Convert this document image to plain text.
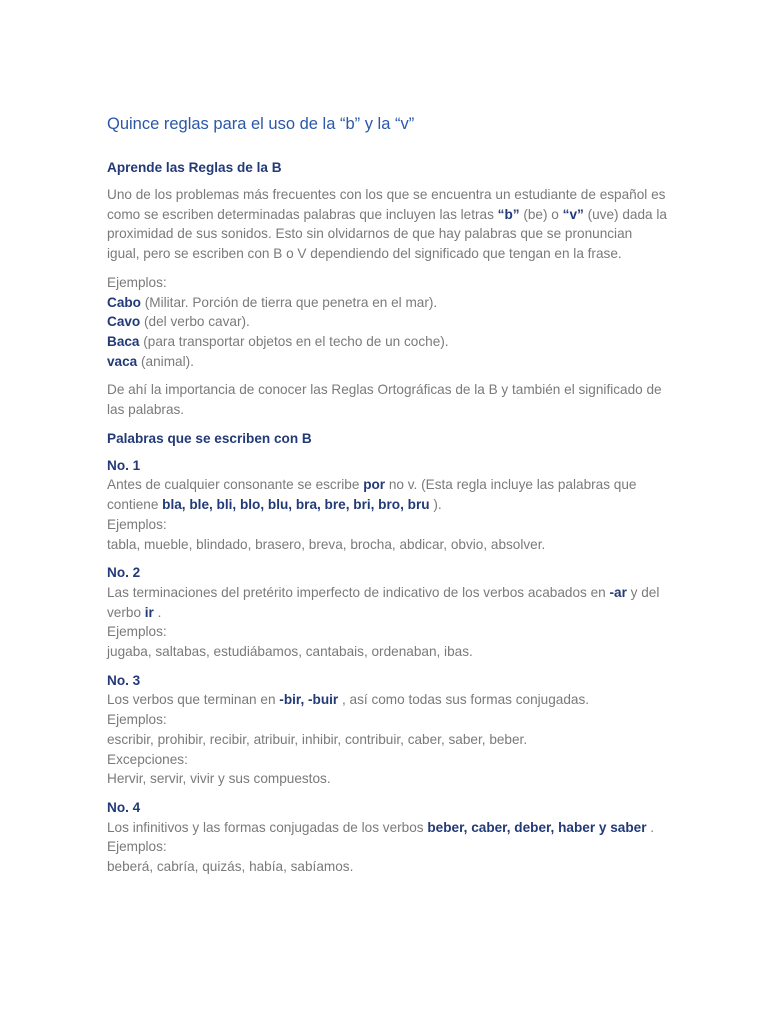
Quince reglas para el uso de la “b” y la “v”
Aprende las Reglas de la B

Uno de los problemas más frecuentes con los que se encuentra un estudiante de español es como se escriben determinadas palabras que incluyen las letras “b” (be) o “v” (uve) dada la proximidad de sus sonidos. Esto sin olvidarnos de que hay palabras que se pronuncian igual, pero se escriben con B o V dependiendo del significado que tengan en la frase.

Ejemplos:
Cabo (Militar. Porción de tierra que penetra en el mar).
Cavo (del verbo cavar).
Baca (para transportar objetos en el techo de un coche).
vaca (animal).

De ahí la importancia de conocer las Reglas Ortográficas de la B y también el significado de las palabras.

Palabras que se escriben con B
No. 1
Antes de cualquier consonante se escribe por no v. (Esta regla incluye las palabras que contiene bla, ble, bli, blo, blu, bra, bre, bri, bro, bru ).
Ejemplos:
tabla, mueble, blindado, brasero, breva, brocha, abdicar, obvio, absolver.
No. 2
Las terminaciones del pretérito imperfecto de indicativo de los verbos acabados en -ar y del verbo ir .
Ejemplos:
jugaba, saltabas, estudiábamos, cantabais, ordenaban, ibas.
No. 3
Los verbos que terminan en -bir, -buir , así como todas sus formas conjugadas.
Ejemplos:
escribir, prohibir, recibir, atribuir, inhibir, contribuir, caber, saber, beber.
Excepciones:
Hervir, servir, vivir y sus compuestos.
No. 4
Los infinitivos y las formas conjugadas de los verbos beber, caber, deber, haber y saber .
Ejemplos:
beberá, cabría, quizás, había, sabíamos.
